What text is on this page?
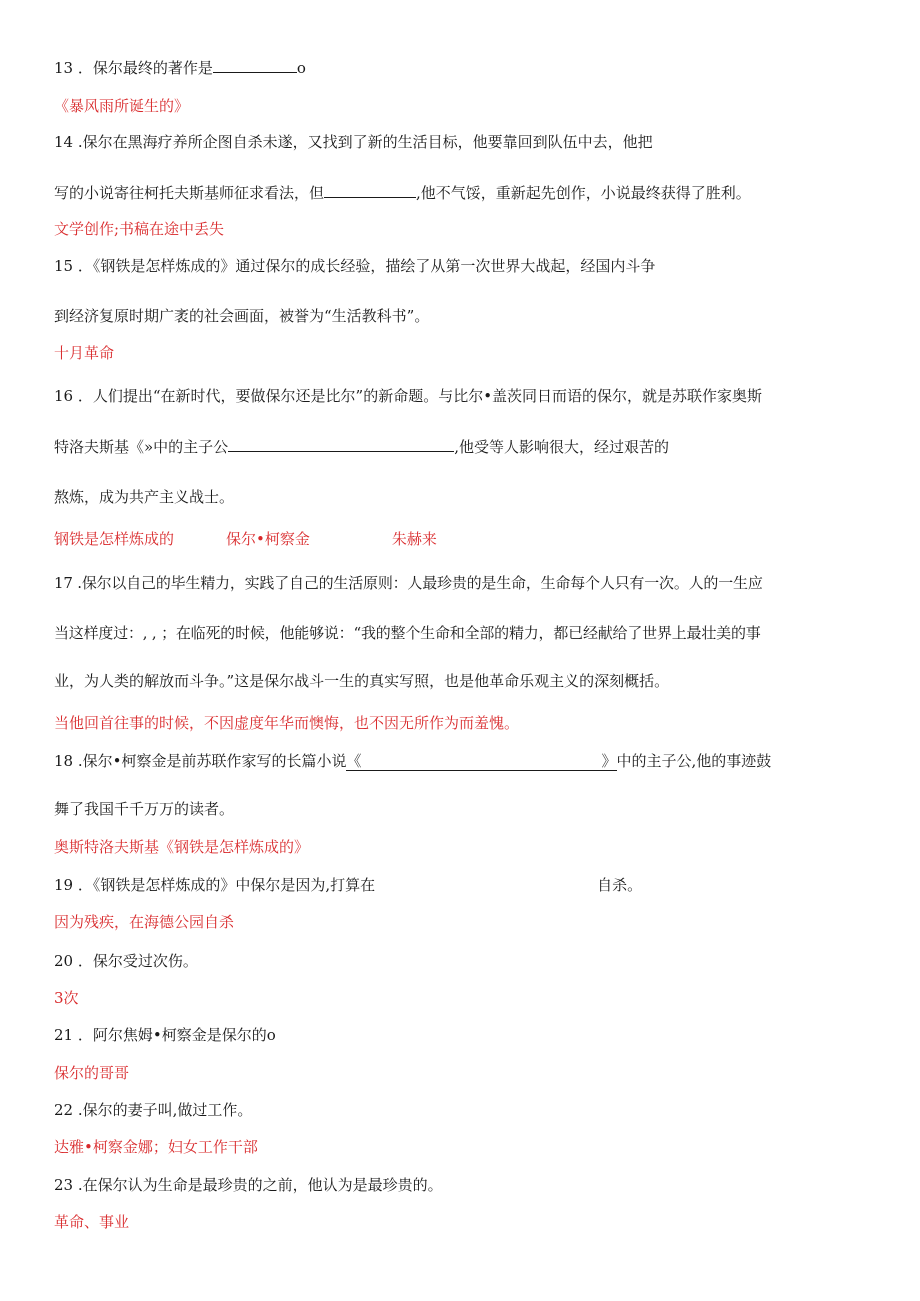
13 ．保尔最终的著作是	o
《暴风雨所诞生的》
14 .保尔在黑海疗养所企图自杀未遂，又找到了新的生活目标，他要靠回到队伍中去，他把
写的小说寄往柯托夫斯基师征求看法，但	,他不气馁，重新起先创作，小说最终获得了胜利。
文学创作;书稿在途中丢失
15 ．《钢铁是怎样炼成的》通过保尔的成长经验，描绘了从第一次世界大战起，经国内斗争
到经济复原时期广袤的社会画面，被誉为“生活教科书”。
十月革命
16 ．人们提出“在新时代，要做保尔还是比尔”的新命题。与比尔•盖茨同日而语的保尔，就是苏联作家奥斯
特洛夫斯基《»中的主子公	,他受等人影响很大，经过艰苦的
熬炼，成为共产主义战士。
钢铁是怎样炼成的	保尔•柯察金	朱赫来
17 .保尔以自己的毕生精力，实践了自己的生活原则：人最珍贵的是生命，生命每个人只有一次。人的一生应
当这样度过：, , ；在临死的时候，他能够说：“我的整个生命和全部的精力，都已经献给了世界上最壮美的事
业，为人类的解放而斗争。”这是保尔战斗一生的真实写照，也是他革命乐观主义的深刻概括。
当他回首往事的时候，不因虚度年华而懊悔，也不因无所作为而羞愧。
18 .保尔•柯察金是前苏联作家写的长篇小说《	》中的主子公,他的事迹鼓
舞了我国千千万万的读者。
奥斯特洛夫斯基《钢铁是怎样炼成的》
19 ．《钢铁是怎样炼成的》中保尔是因为,打算在	自杀。
因为残疾，在海德公园自杀
20 ．保尔受过次伤。
3次
21 ．阿尔焦姆•柯察金是保尔的o
保尔的哥哥
22 .保尔的妻子叫,做过工作。
达雅•柯察金娜；妇女工作干部
23 .在保尔认为生命是最珍贵的之前，他认为是最珍贵的。
革命、事业
